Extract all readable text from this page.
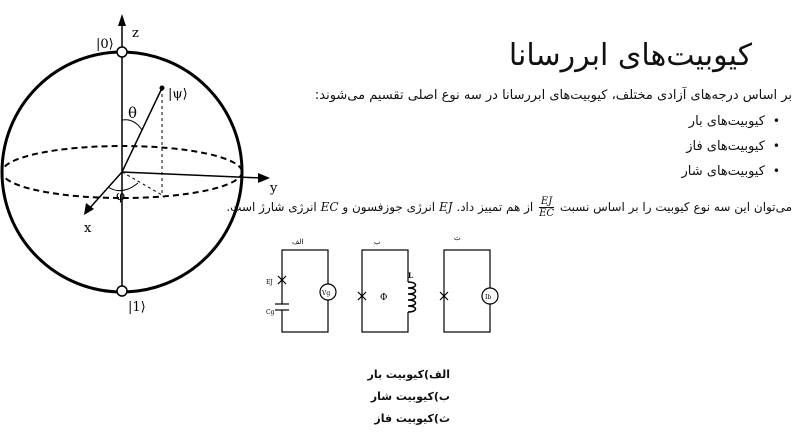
z
y
x
|0⟩
|1⟩
|ψ⟩
θ
φ
کیوبیت‌های ابررسانا
بر اساس درجه‌های آزادی مختلف، کیوبیت‌های ابررسانا در سه نوع اصلی تقسیم می‌شوند:
•کیوبیت‌های بار
•کیوبیت‌های فاز
•کیوبیت‌های شار
می‌توان این سه نوع کیوبیت را بر اساس نسبت
$\frac{EJ}{EC}$
از هم تمییز داد. EJ انرژی جوزفسون و EC انرژی شارژ است.
الف
EJ
Cg
Vg
ب
Φ
L
ث
Ib
الف)کیوبیت بار
ب)کیوبیت شار
ث)کیوبیت فاز
